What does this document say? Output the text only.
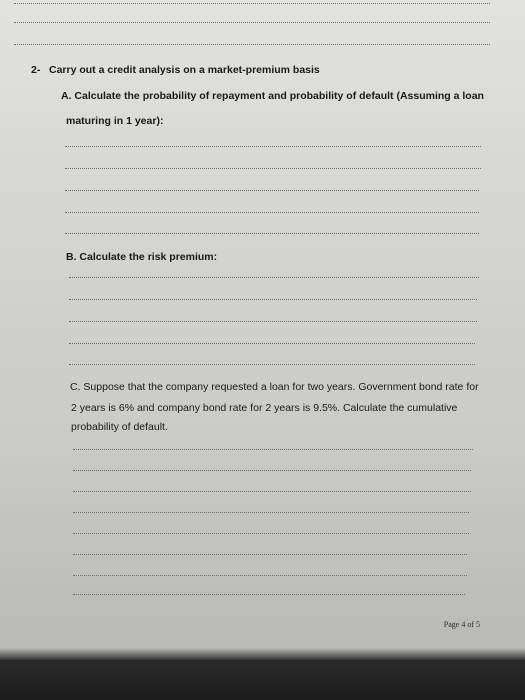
2- Carry out a credit analysis on a market-premium basis

A. Calculate the probability of repayment and probability of default (Assuming a loan

maturing in 1 year):

B. Calculate the risk premium:

C. Suppose that the company requested a loan for two years. Government bond rate for

2 years is 6% and company bond rate for 2 years is 9.5%. Calculate the cumulative

probability of default.

Page 4 of 5
